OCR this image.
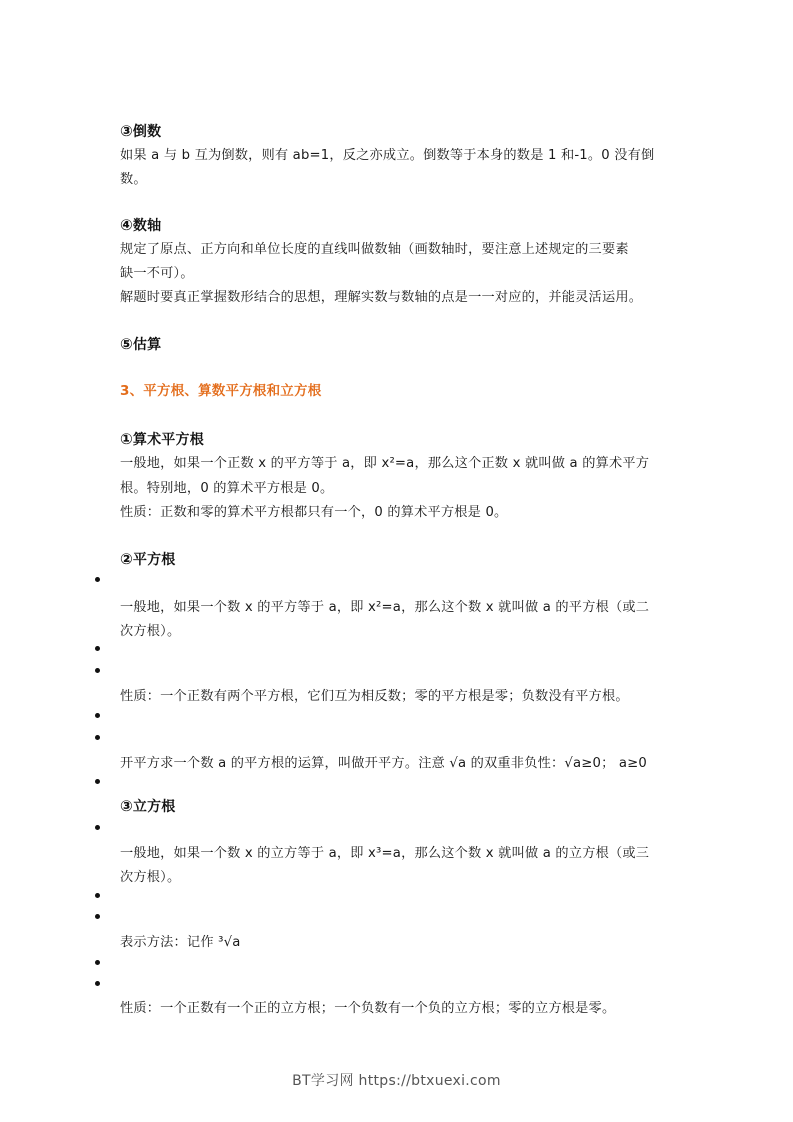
③倒数
如果 a 与 b 互为倒数，则有 ab=1，反之亦成立。倒数等于本身的数是 1 和-1。0 没有倒
数。
④数轴
规定了原点、正方向和单位长度的直线叫做数轴（画数轴时，要注意上述规定的三要素
缺一不可）。
解题时要真正掌握数形结合的思想，理解实数与数轴的点是一一对应的，并能灵活运用。
⑤估算
3、平方根、算数平方根和立方根
①算术平方根
一般地，如果一个正数 x 的平方等于 a，即 x²=a，那么这个正数 x 就叫做 a 的算术平方
根。特别地，0 的算术平方根是 0。
性质：正数和零的算术平方根都只有一个，0 的算术平方根是 0。
②平方根
一般地，如果一个数 x 的平方等于 a，即 x²=a，那么这个数 x 就叫做 a 的平方根（或二
次方根）。
性质：一个正数有两个平方根，它们互为相反数；零的平方根是零；负数没有平方根。
开平方求一个数 a 的平方根的运算，叫做开平方。注意 √a 的双重非负性：√a≥0； a≥0
③立方根
一般地，如果一个数 x 的立方等于 a，即 x³=a，那么这个数 x 就叫做 a 的立方根（或三
次方根）。
表示方法：记作 ³√a
性质：一个正数有一个正的立方根；一个负数有一个负的立方根；零的立方根是零。
BT学习网 https://btxuexi.com
